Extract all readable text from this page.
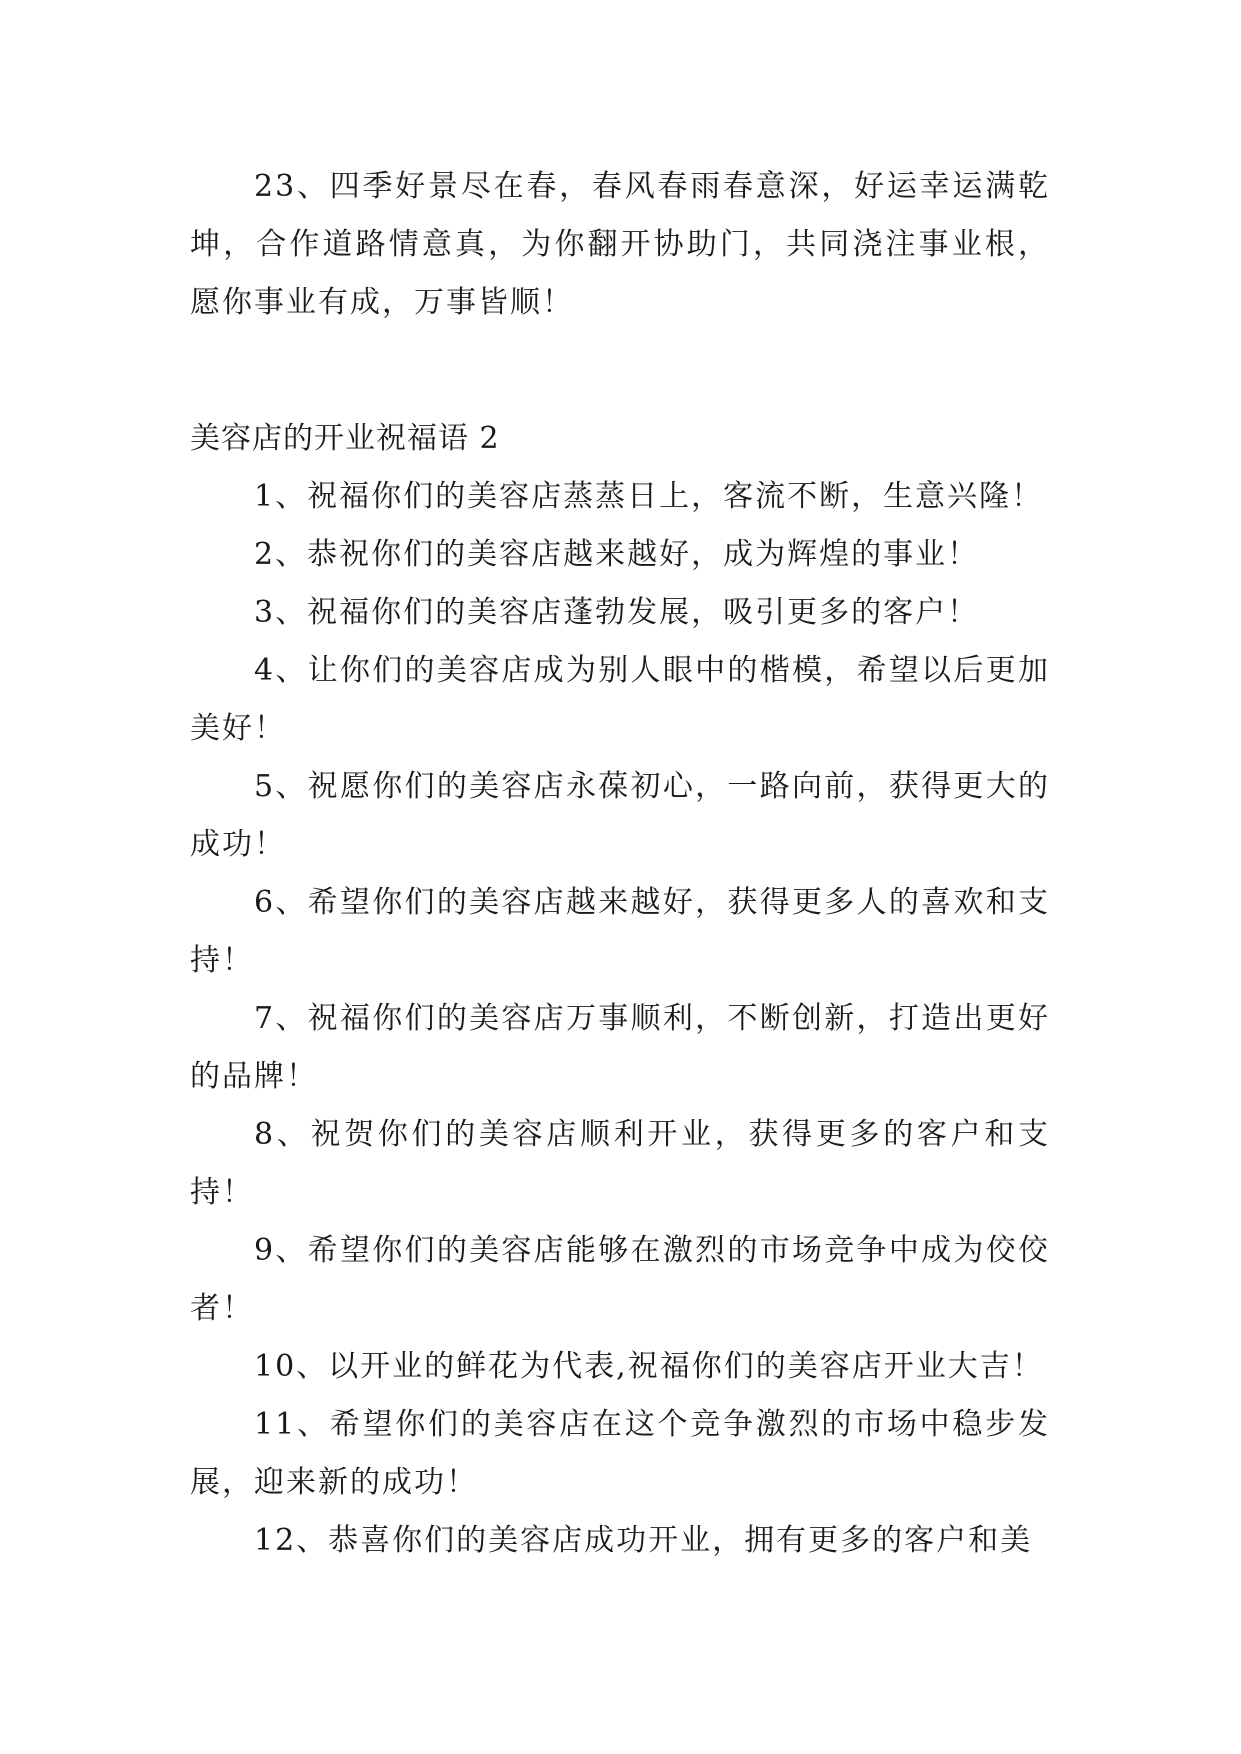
23、四季好景尽在春，春风春雨春意深，好运幸运满乾坤，合作道路情意真，为你翻开协助门，共同浇注事业根，愿你事业有成，万事皆顺！

美容店的开业祝福语 2

1、祝福你们的美容店蒸蒸日上，客流不断，生意兴隆！

2、恭祝你们的美容店越来越好，成为辉煌的事业！

3、祝福你们的美容店蓬勃发展，吸引更多的客户！

4、让你们的美容店成为别人眼中的楷模，希望以后更加美好！

5、祝愿你们的美容店永葆初心，一路向前，获得更大的成功！

6、希望你们的美容店越来越好，获得更多人的喜欢和支持！

7、祝福你们的美容店万事顺利，不断创新，打造出更好的品牌！

8、祝贺你们的美容店顺利开业，获得更多的客户和支持！

9、希望你们的美容店能够在激烈的市场竞争中成为佼佼者！

10、以开业的鲜花为代表,祝福你们的美容店开业大吉！

11、希望你们的美容店在这个竞争激烈的市场中稳步发展，迎来新的成功！

12、恭喜你们的美容店成功开业，拥有更多的客户和美
